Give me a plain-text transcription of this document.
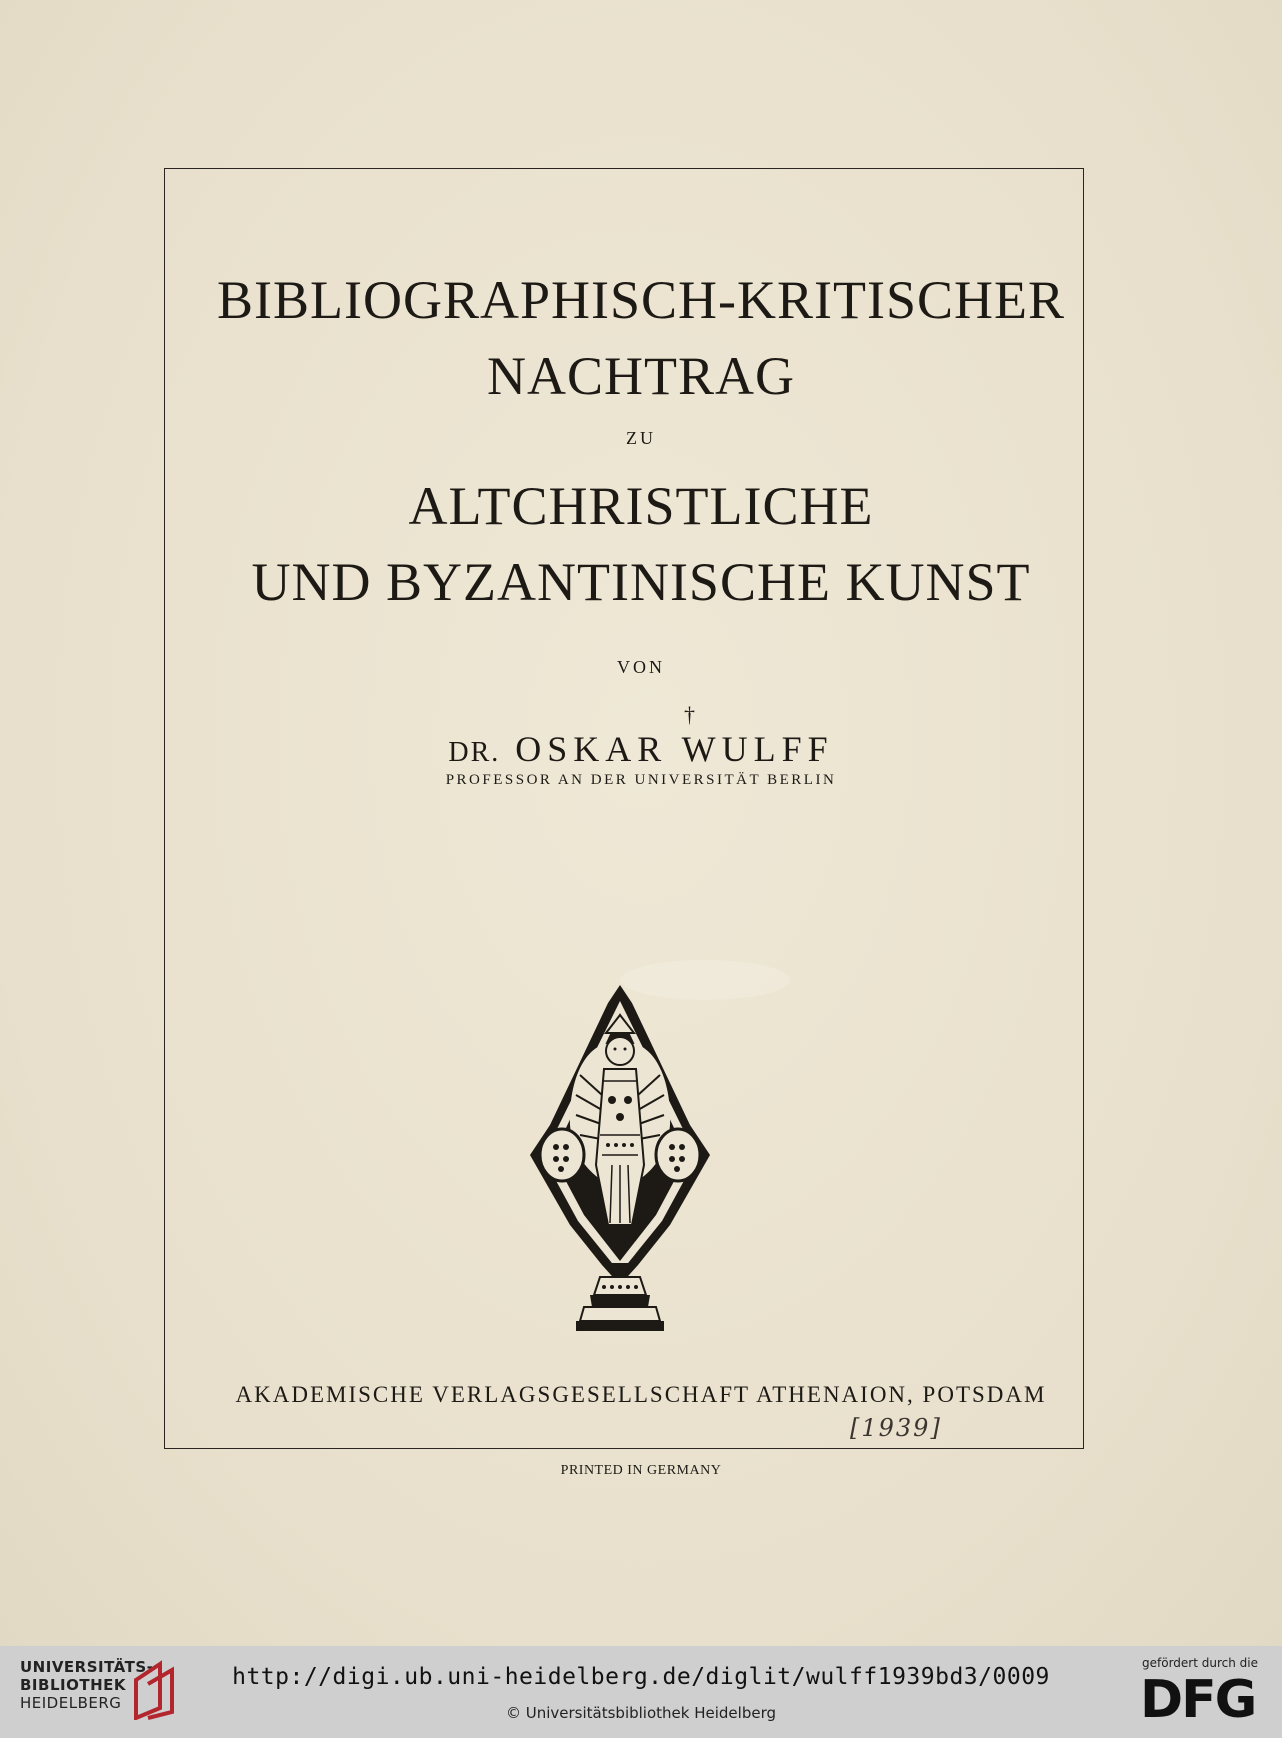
BIBLIOGRAPHISCH-KRITISCHER
NACHTRAG
ZU
ALTCHRISTLICHE
UND BYZANTINISCHE KUNST
VON
†
DR. OSKAR WULFF
PROFESSOR AN DER UNIVERSITÄT BERLIN
AKADEMISCHE VERLAGSGESELLSCHAFT ATHENAION, POTSDAM
[1939]
PRINTED IN GERMANY
UNIVERSITÄTS-
BIBLIOTHEK
HEIDELBERG
http://digi.ub.uni-heidelberg.de/diglit/wulff1939bd3/0009
© Universitätsbibliothek Heidelberg
gefördert durch die
DFG
